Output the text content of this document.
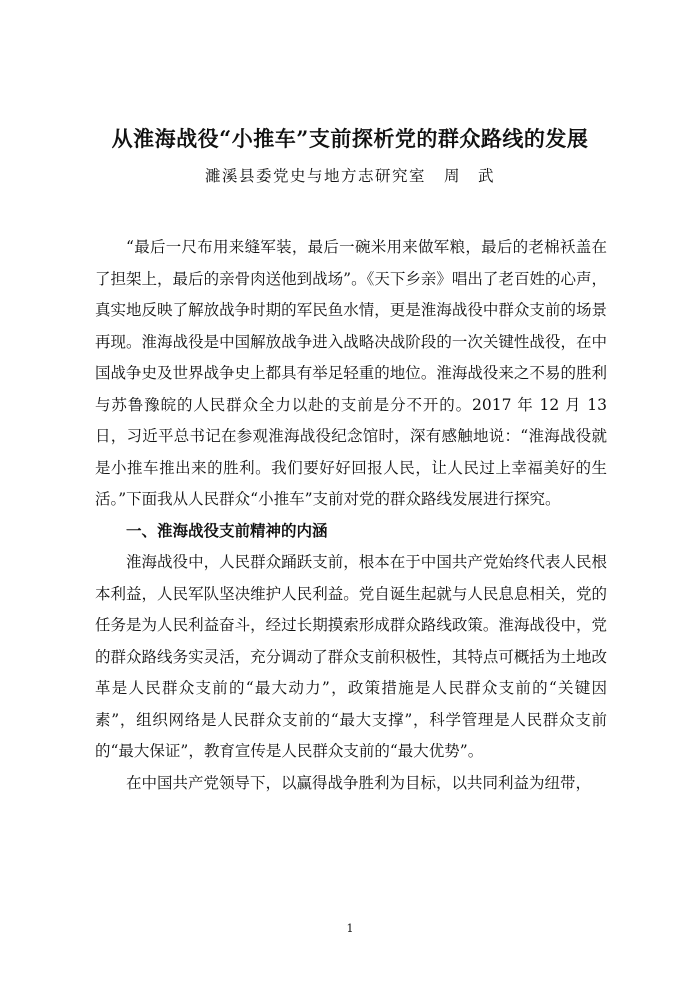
从淮海战役“小推车”支前探析党的群众路线的发展
濉溪县委党史与地方志研究室 周　武

“最后一尺布用来缝军装，最后一碗米用来做军粮，最后的老棉袄盖在了担架上，最后的亲骨肉送他到战场”。《天下乡亲》唱出了老百姓的心声，真实地反映了解放战争时期的军民鱼水情，更是淮海战役中群众支前的场景再现。淮海战役是中国解放战争进入战略决战阶段的一次关键性战役，在中国战争史及世界战争史上都具有举足轻重的地位。淮海战役来之不易的胜利与苏鲁豫皖的人民群众全力以赴的支前是分不开的。2017 年 12 月 13 日，习近平总书记在参观淮海战役纪念馆时，深有感触地说：“淮海战役就是小推车推出来的胜利。我们要好好回报人民，让人民过上幸福美好的生活。”下面我从人民群众“小推车”支前对党的群众路线发展进行探究。

一、淮海战役支前精神的内涵

淮海战役中，人民群众踊跃支前，根本在于中国共产党始终代表人民根本利益，人民军队坚决维护人民利益。党自诞生起就与人民息息相关，党的任务是为人民利益奋斗，经过长期摸索形成群众路线政策。淮海战役中，党的群众路线务实灵活，充分调动了群众支前积极性，其特点可概括为土地改革是人民群众支前的“最大动力”，政策措施是人民群众支前的“关键因素”，组织网络是人民群众支前的“最大支撑”，科学管理是人民群众支前的“最大保证”，教育宣传是人民群众支前的“最大优势”。

在中国共产党领导下，以赢得战争胜利为目标，以共同利益为纽带，

1
